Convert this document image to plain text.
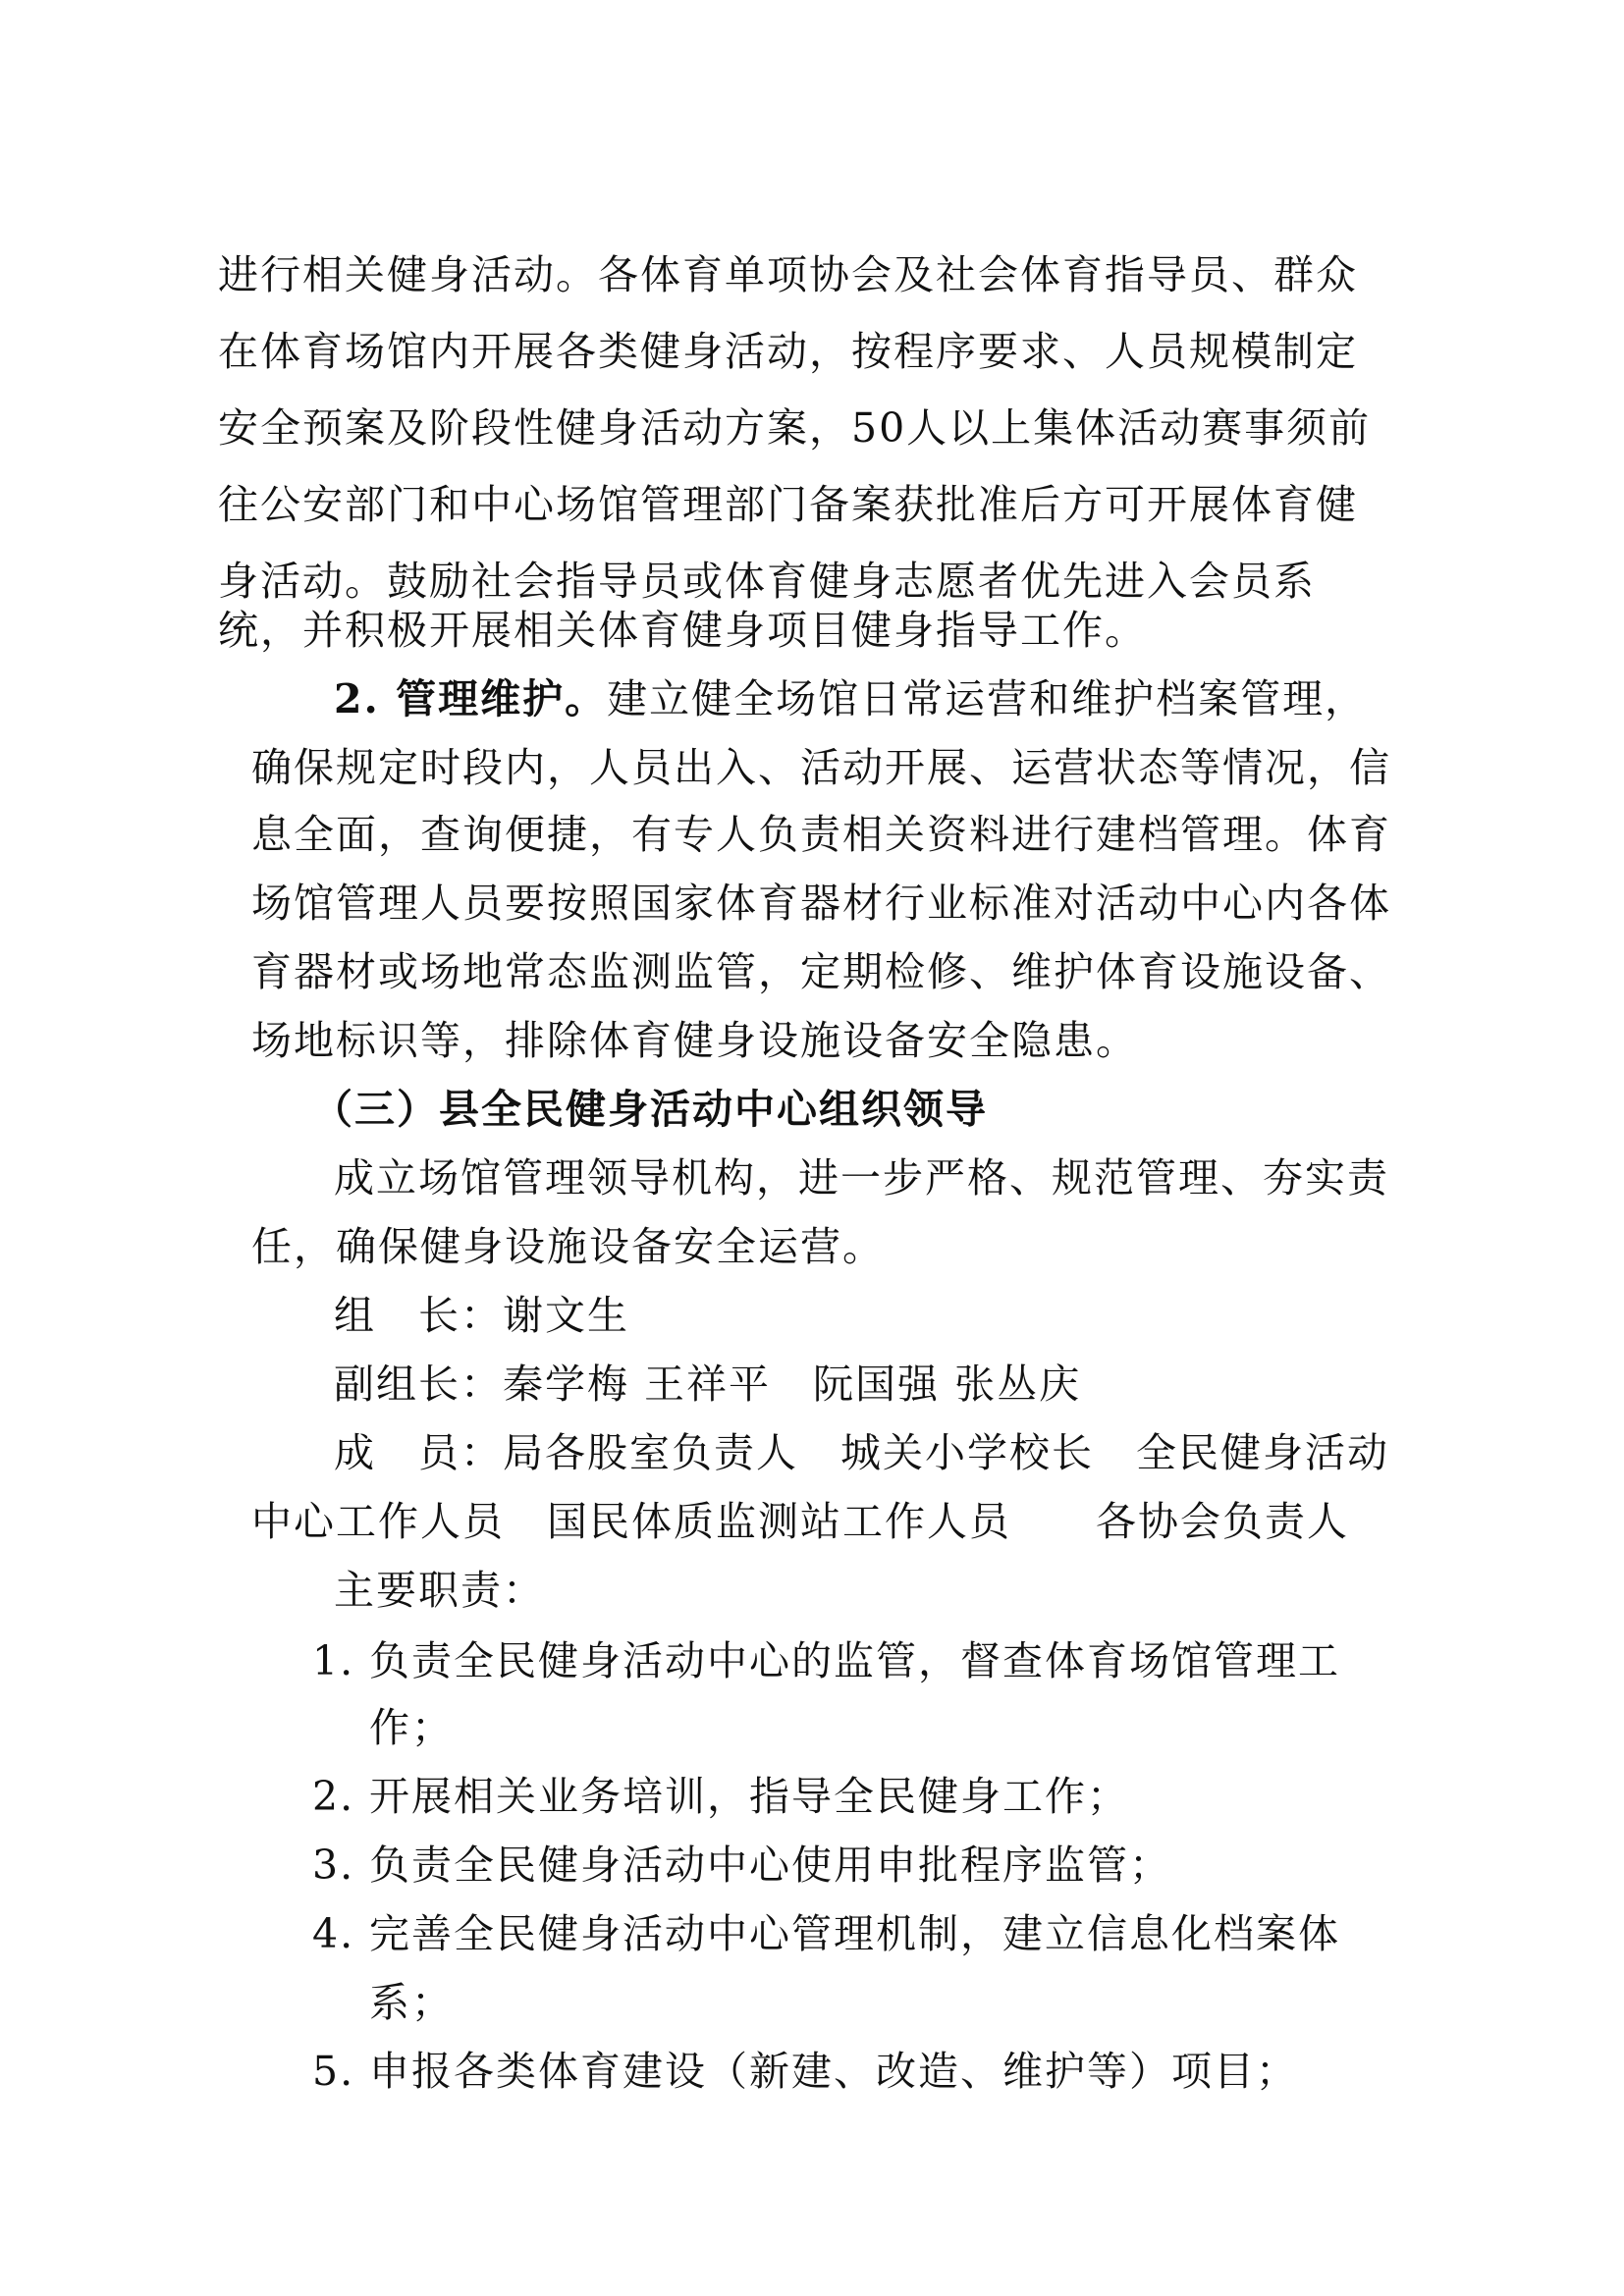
进行相关健身活动。各体育单项协会及社会体育指导员、群众
在体育场馆内开展各类健身活动，按程序要求、人员规模制定
安全预案及阶段性健身活动方案，50人以上集体活动赛事须前
往公安部门和中心场馆管理部门备案获批准后方可开展体育健
身活动。鼓励社会指导员或体育健身志愿者优先进入会员系
统，并积极开展相关体育健身项目健身指导工作。
2. 管理维护。建立健全场馆日常运营和维护档案管理，
确保规定时段内，人员出入、活动开展、运营状态等情况，信
息全面，查询便捷，有专人负责相关资料进行建档管理。体育
场馆管理人员要按照国家体育器材行业标准对活动中心内各体
育器材或场地常态监测监管，定期检修、维护体育设施设备、
场地标识等，排除体育健身设施设备安全隐患。
（三）县全民健身活动中心组织领导
成立场馆管理领导机构，进一步严格、规范管理、夯实责
任，确保健身设施设备安全运营。
组　长：谢文生
副组长：秦学梅 王祥平　阮国强 张丛庆
成　员：局各股室负责人　城关小学校长　全民健身活动
中心工作人员　国民体质监测站工作人员　　各协会负责人
主要职责：
1. 负责全民健身活动中心的监管，督查体育场馆管理工
作；
2. 开展相关业务培训，指导全民健身工作；
3. 负责全民健身活动中心使用申批程序监管；
4. 完善全民健身活动中心管理机制，建立信息化档案体
系；
5. 申报各类体育建设（新建、改造、维护等）项目；
